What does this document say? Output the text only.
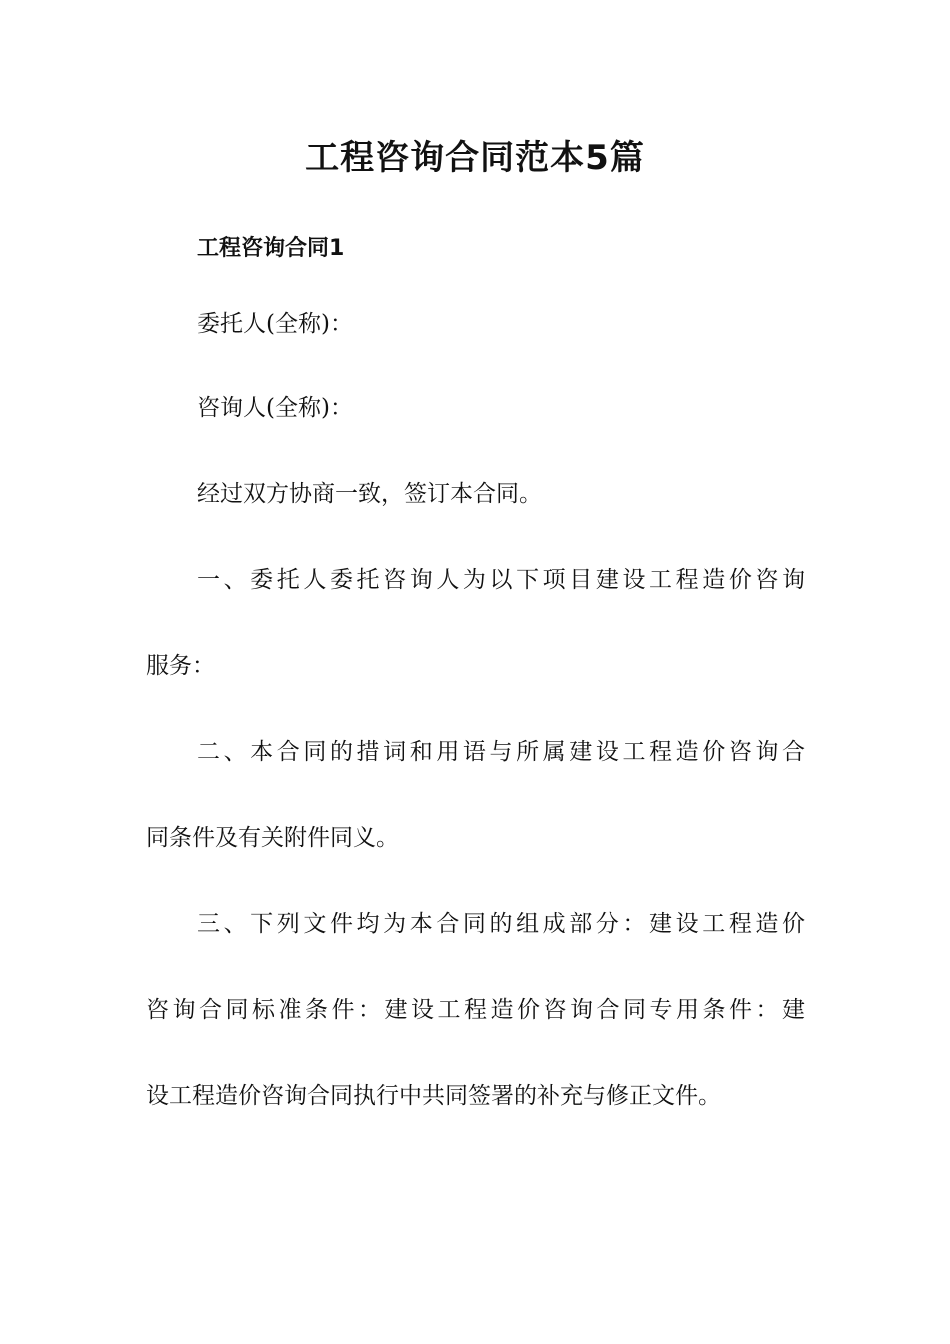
工程咨询合同范本5篇
工程咨询合同1
委托人(全称)：
咨询人(全称)：
经过双方协商一致，签订本合同。
一、委托人委托咨询人为以下项目建设工程造价咨询
服务：
二、本合同的措词和用语与所属建设工程造价咨询合
同条件及有关附件同义。
三、下列文件均为本合同的组成部分：建设工程造价
咨询合同标准条件：建设工程造价咨询合同专用条件：建
设工程造价咨询合同执行中共同签署的补充与修正文件。
